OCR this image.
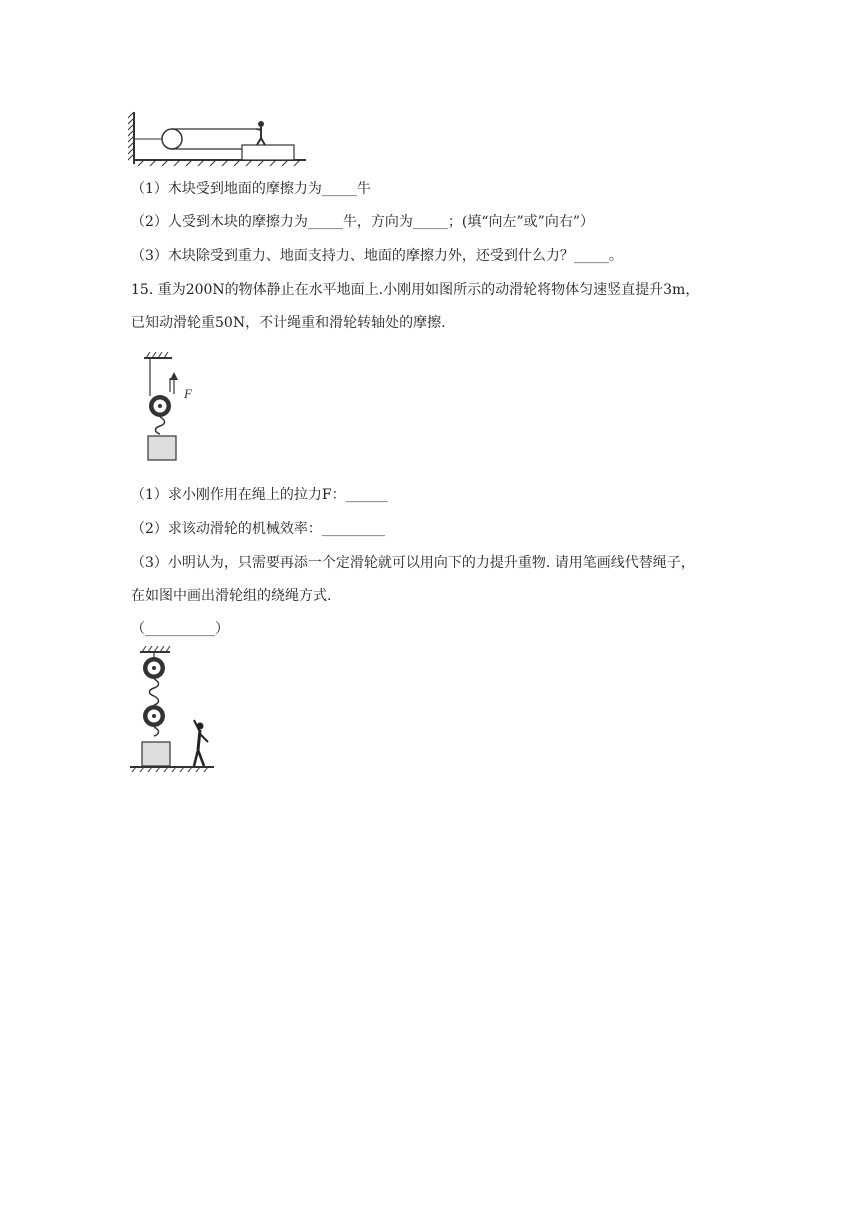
（1）木块受到地面的摩擦力为_____牛
（2）人受到木块的摩擦力为_____牛，方向为_____；(填“向左”或”向右”）
（3）木块除受到重力、地面支持力、地面的摩擦力外，还受到什么力？_____。
15. 重为200N的物体静止在水平地面上.小刚用如图所示的动滑轮将物体匀速竖直提升3m，
已知动滑轮重50N，不计绳重和滑轮转轴处的摩擦.
F
（1）求小刚作用在绳上的拉力F：______
（2）求该动滑轮的机械效率：_________
（3）小明认为，只需要再添一个定滑轮就可以用向下的力提升重物. 请用笔画线代替绳子，
在如图中画出滑轮组的绕绳方式.
（__________）
